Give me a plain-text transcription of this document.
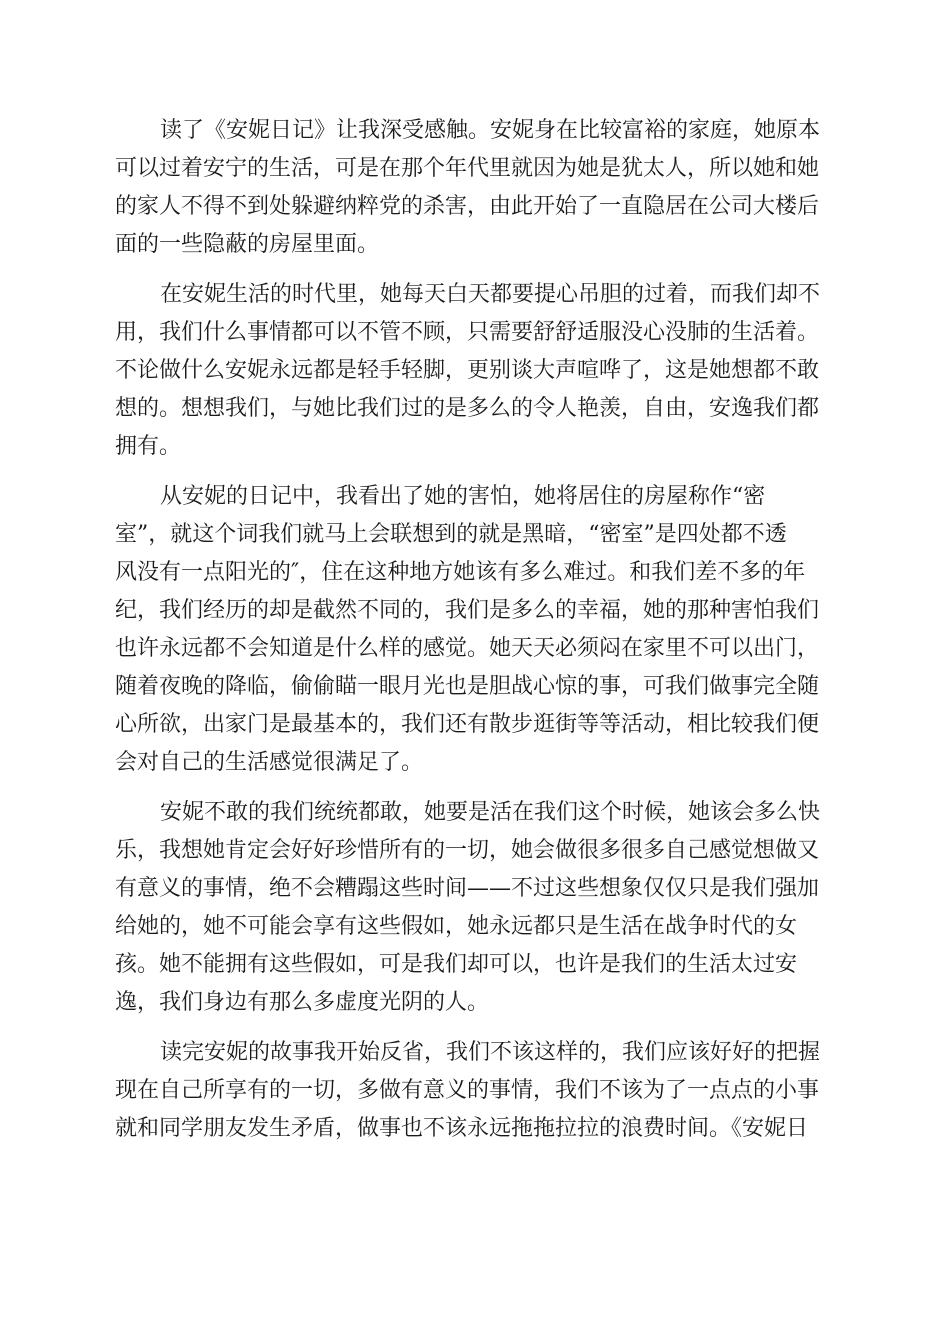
读了《安妮日记》让我深受感触。安妮身在比较富裕的家庭，她原本
可以过着安宁的生活，可是在那个年代里就因为她是犹太人，所以她和她
的家人不得不到处躲避纳粹党的杀害，由此开始了一直隐居在公司大楼后
面的一些隐蔽的房屋里面。
在安妮生活的时代里，她每天白天都要提心吊胆的过着，而我们却不
用，我们什么事情都可以不管不顾，只需要舒舒适服没心没肺的生活着。
不论做什么安妮永远都是轻手轻脚，更别谈大声喧哗了，这是她想都不敢
想的。想想我们，与她比我们过的是多么的令人艳羡，自由，安逸我们都
拥有。
从安妮的日记中，我看出了她的害怕，她将居住的房屋称作“密
室”，就这个词我们就马上会联想到的就是黑暗，“密室”是四处都不透
风没有一点阳光的″，住在这种地方她该有多么难过。和我们差不多的年
纪，我们经历的却是截然不同的，我们是多么的幸福，她的那种害怕我们
也许永远都不会知道是什么样的感觉。她天天必须闷在家里不可以出门，
随着夜晚的降临，偷偷瞄一眼月光也是胆战心惊的事，可我们做事完全随
心所欲，出家门是最基本的，我们还有散步逛街等等活动，相比较我们便
会对自己的生活感觉很满足了。
安妮不敢的我们统统都敢，她要是活在我们这个时候，她该会多么快
乐，我想她肯定会好好珍惜所有的一切，她会做很多很多自己感觉想做又
有意义的事情，绝不会糟蹋这些时间——不过这些想象仅仅只是我们强加
给她的，她不可能会享有这些假如，她永远都只是生活在战争时代的女
孩。她不能拥有这些假如，可是我们却可以，也许是我们的生活太过安
逸，我们身边有那么多虚度光阴的人。
读完安妮的故事我开始反省，我们不该这样的，我们应该好好的把握
现在自己所享有的一切，多做有意义的事情，我们不该为了一点点的小事
就和同学朋友发生矛盾，做事也不该永远拖拖拉拉的浪费时间。《安妮日
